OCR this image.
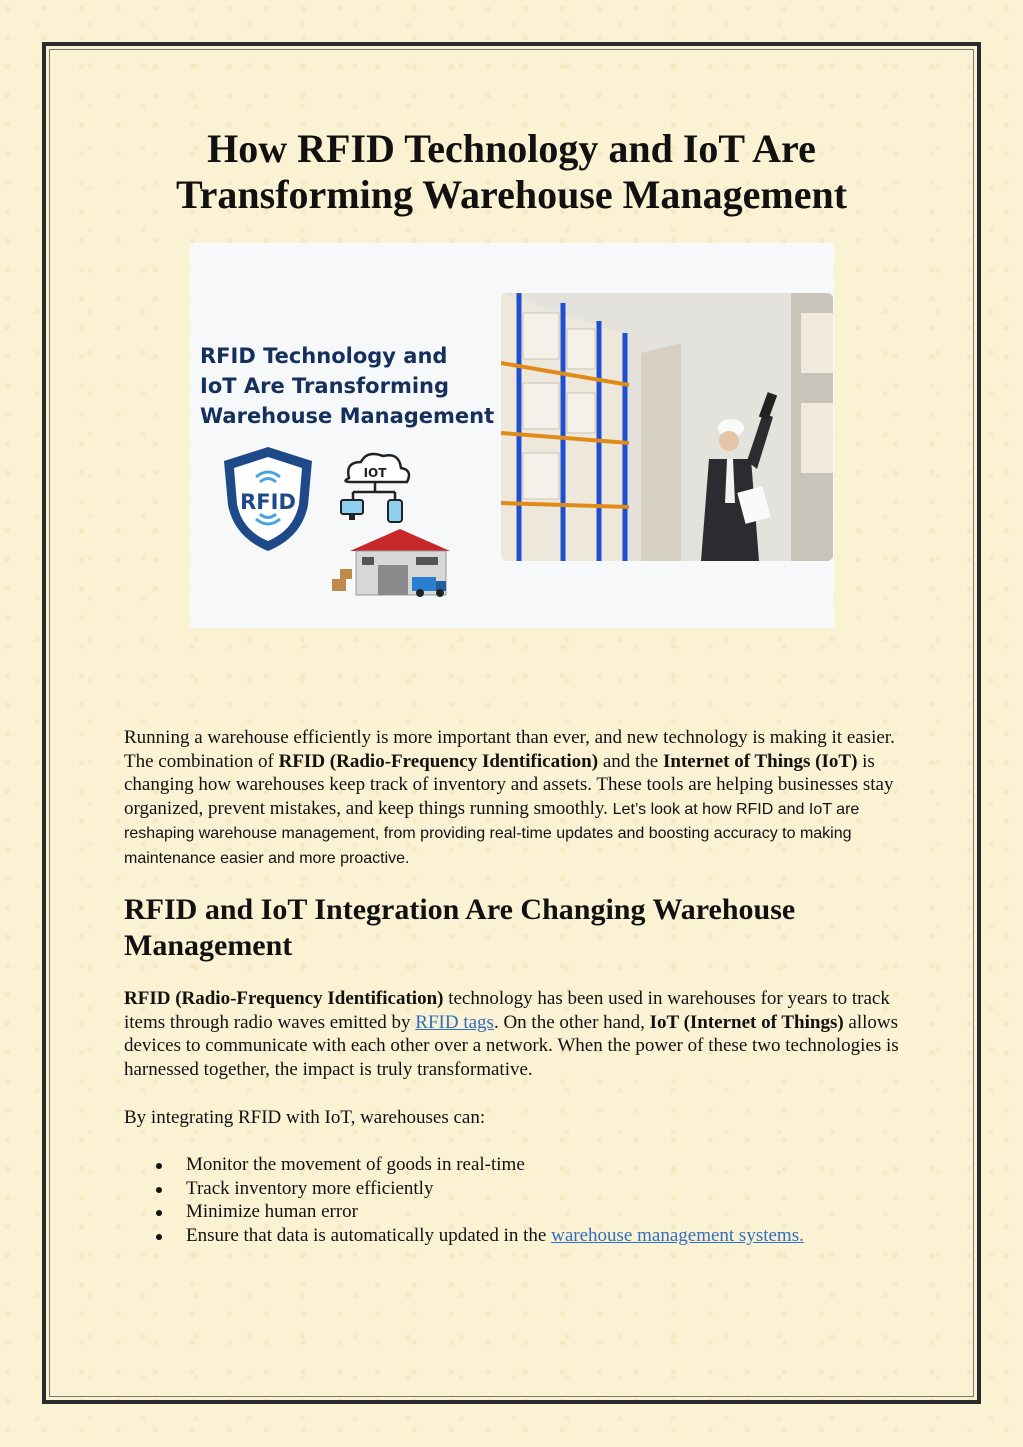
How RFID Technology and IoT Are Transforming Warehouse Management
RFID Technology and
IoT Are Transforming
Warehouse Management
RFID
IOT

Running a warehouse efficiently is more important than ever, and new technology is making it easier. The combination of RFID (Radio-Frequency Identification) and the Internet of Things (IoT) is changing how warehouses keep track of inventory and assets. These tools are helping businesses stay organized, prevent mistakes, and keep things running smoothly. Let’s look at how RFID and IoT are reshaping warehouse management, from providing real-time updates and boosting accuracy to making maintenance easier and more proactive.

RFID and IoT Integration Are Changing Warehouse Management

RFID (Radio-Frequency Identification) technology has been used in warehouses for years to track items through radio waves emitted by RFID tags. On the other hand, IoT (Internet of Things) allows devices to communicate with each other over a network. When the power of these two technologies is harnessed together, the impact is truly transformative.

By integrating RFID with IoT, warehouses can:

Monitor the movement of goods in real-time
Track inventory more efficiently
Minimize human error
Ensure that data is automatically updated in the warehouse management systems.
